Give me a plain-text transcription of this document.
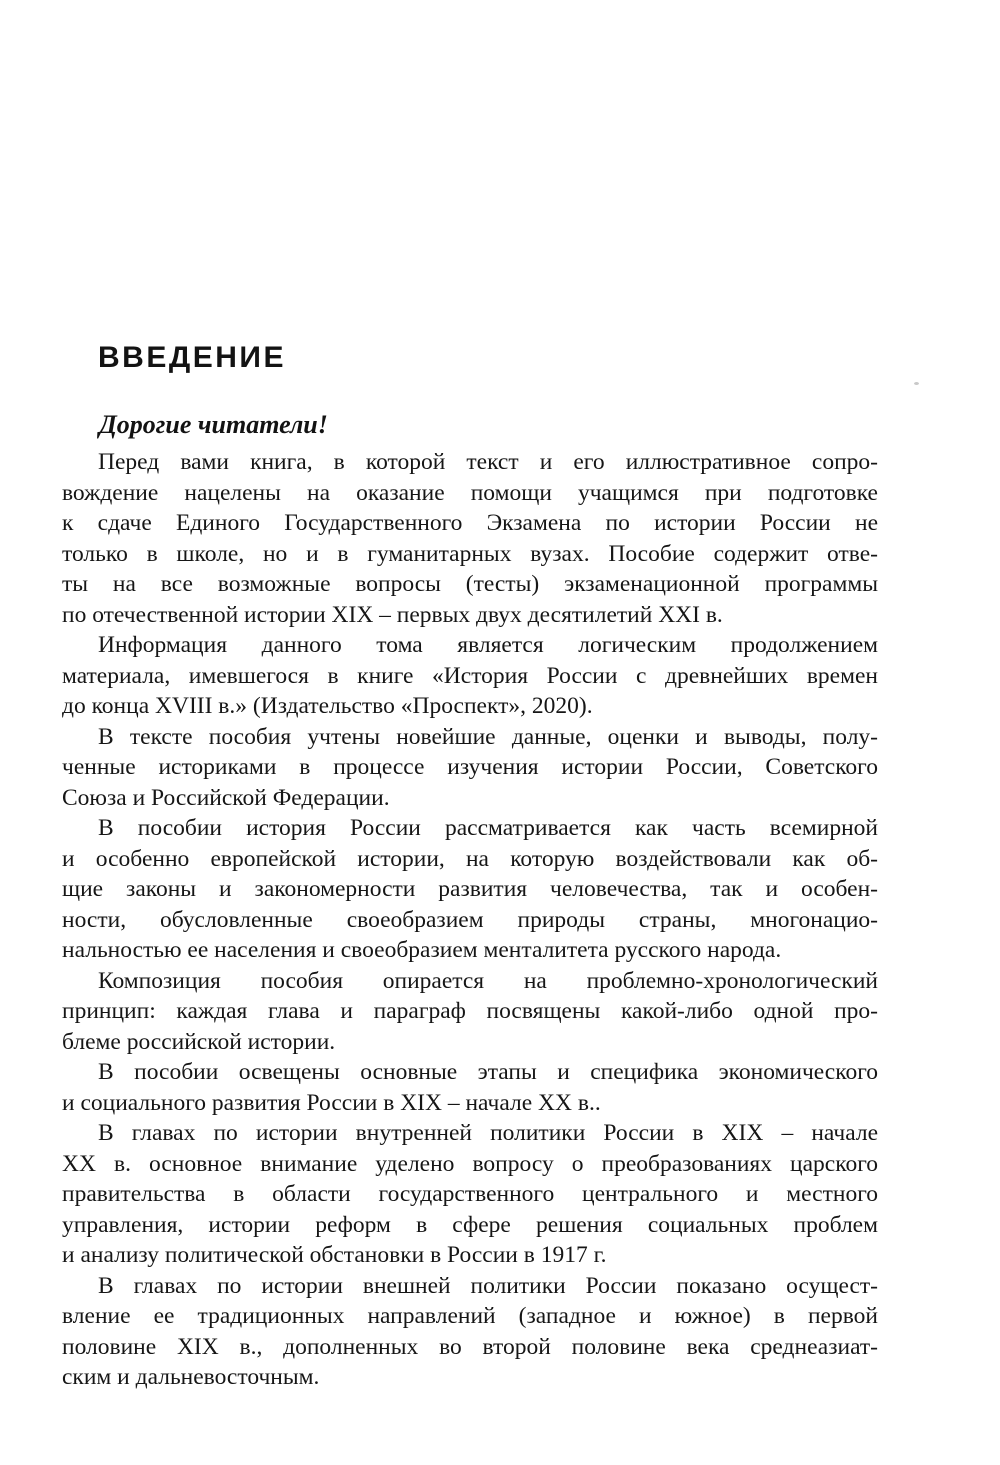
ВВЕДЕНИЕ

Дорогие читатели!

Перед вами книга, в которой текст и его иллюстративное сопро-
вождение нацелены на оказание помощи учащимся при подготовке
к сдаче Единого Государственного Экзамена по истории России не
только в школе, но и в гуманитарных вузах. Пособие содержит отве-
ты на все возможные вопросы (тесты) экзаменационной программы
по отечественной истории XIX – первых двух десятилетий XXI в.
Информация данного тома является логическим продолжением
материала, имевшегося в книге «История России с древнейших времен
до конца XVIII в.» (Издательство «Проспект», 2020).
В тексте пособия учтены новейшие данные, оценки и выводы, полу-
ченные историками в процессе изучения истории России, Советского
Союза и Российской Федерации.
В пособии история России рассматривается как часть всемирной
и особенно европейской истории, на которую воздействовали как об-
щие законы и закономерности развития человечества, так и особен-
ности, обусловленные своеобразием природы страны, многонацио-
нальностью ее населения и своеобразием менталитета русского народа.
Композиция пособия опирается на проблемно-хронологический
принцип: каждая глава и параграф посвящены какой-либо одной про-
блеме российской истории.
В пособии освещены основные этапы и специфика экономического
и социального развития России в XIX – начале XX в..
В главах по истории внутренней политики России в XIX – начале
XX в. основное внимание уделено вопросу о преобразованиях царского
правительства в области государственного центрального и местного
управления, истории реформ в сфере решения социальных проблем
и анализу политической обстановки в России в 1917 г.
В главах по истории внешней политики России показано осущест-
вление ее традиционных направлений (западное и южное) в первой
половине XIX в., дополненных во второй половине века среднеазиат-
ским и дальневосточным.
